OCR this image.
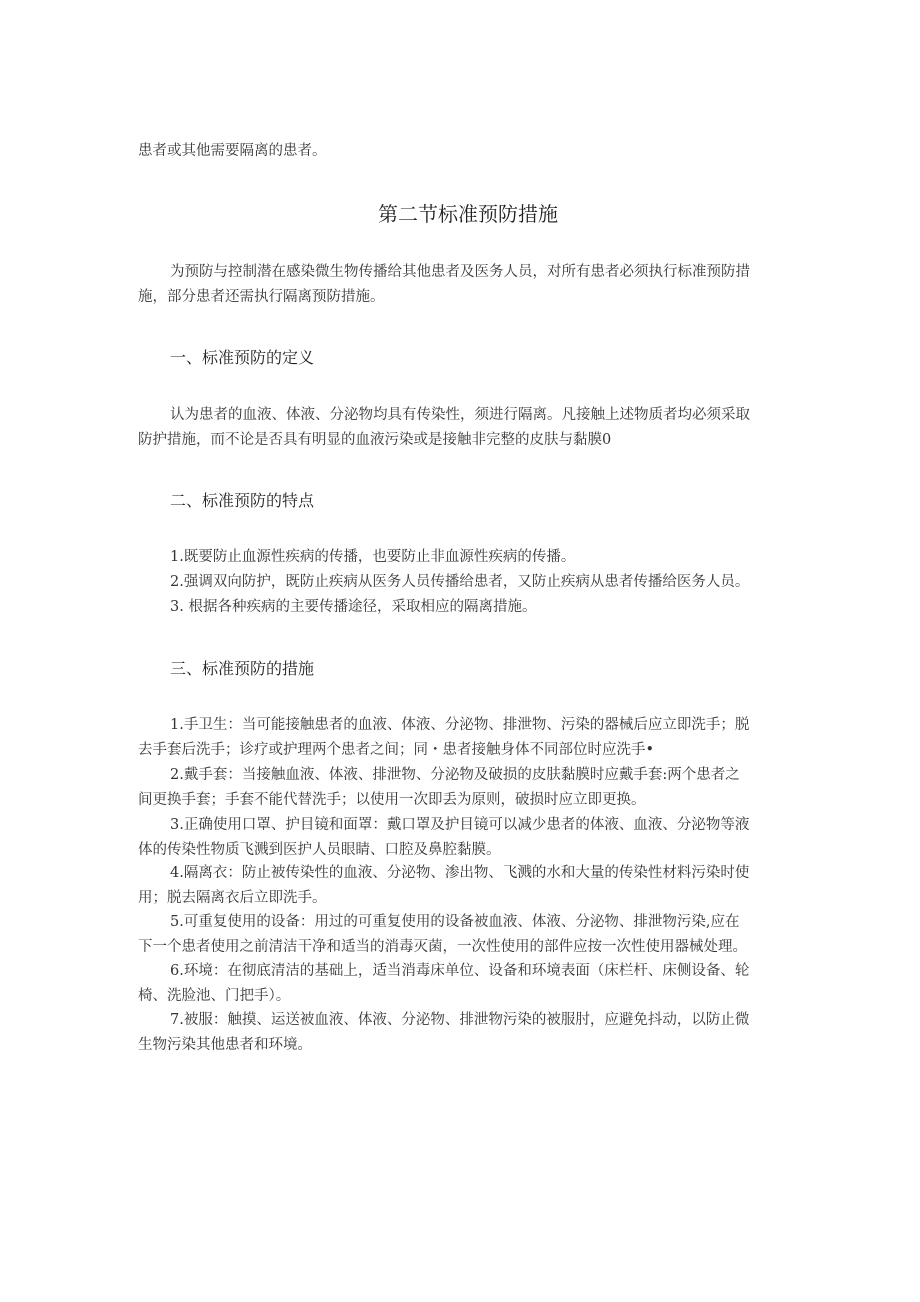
患者或其他需要隔离的患者。

第二节标准预防措施

为预防与控制潜在感染微生物传播给其他患者及医务人员，对所有患者必须执行标准预防措

施，部分患者还需执行隔离预防措施。

一、标准预防的定义

认为患者的血液、体液、分泌物均具有传染性，须进行隔离。凡接触上述物质者均必须采取

防护措施，而不论是否具有明显的血液污染或是接触非完整的皮肤与黏膜0

二、标准预防的特点

1.既要防止血源性疾病的传播，也要防止非血源性疾病的传播。

2.强调双向防护，既防止疾病从医务人员传播给患者，又防止疾病从患者传播给医务人员。

3. 根据各种疾病的主要传播途径，采取相应的隔离措施。

三、标准预防的措施

1.手卫生：当可能接触患者的血液、体液、分泌物、排泄物、污染的器械后应立即洗手；脱

去手套后洗手；诊疗或护理两个患者之间；同・患者接触身体不同部位时应洗手•

2.戴手套：当接触血液、体液、排泄物、分泌物及破损的皮肤黏膜时应戴手套:两个患者之

间更换手套；手套不能代替洗手；以使用一次即丢为原则，破损时应立即更换。

3.正确使用口罩、护目镜和面罩：戴口罩及护目镜可以减少患者的体液、血液、分泌物等液

体的传染性物质飞溅到医护人员眼睛、口腔及鼻腔黏膜。

4.隔离衣：防止被传染性的血液、分泌物、渗出物、飞溅的水和大量的传染性材料污染时使

用；脱去隔离衣后立即洗手。

5.可重复使用的设备：用过的可重复使用的设备被血液、体液、分泌物、排泄物污染,应在

下一个患者使用之前清洁干净和适当的消毒灭菌，一次性使用的部件应按一次性使用器械处理。

6.环境：在彻底清洁的基础上，适当消毒床单位、设备和环境表面（床栏杆、床侧设备、轮

椅、洗脸池、门把手）。

7.被服：触摸、运送被血液、体液、分泌物、排泄物污染的被服肘，应避免抖动，以防止微

生物污染其他患者和环境。
